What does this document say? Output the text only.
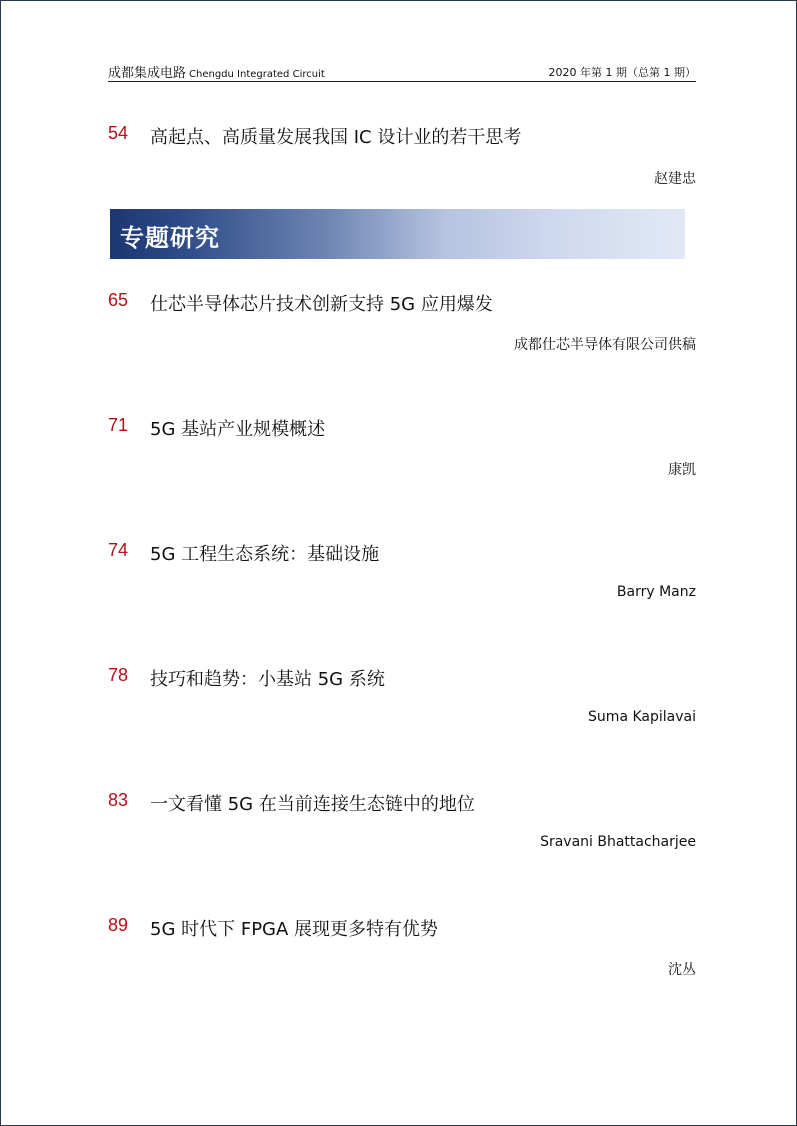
成都集成电路 Chengdu Integrated Circuit	2020 年第 1 期（总第 1 期）
54 高起点、高质量发展我国 IC 设计业的若干思考
赵建忠
专题研究
65 仕芯半导体芯片技术创新支持 5G 应用爆发
成都仕芯半导体有限公司供稿
71 5G 基站产业规模概述
康凯
74 5G 工程生态系统：基础设施
Barry Manz
78 技巧和趋势：小基站 5G 系统
Suma Kapilavai
83 一文看懂 5G 在当前连接生态链中的地位
Sravani Bhattacharjee
89 5G 时代下 FPGA 展现更多特有优势
沈丛
